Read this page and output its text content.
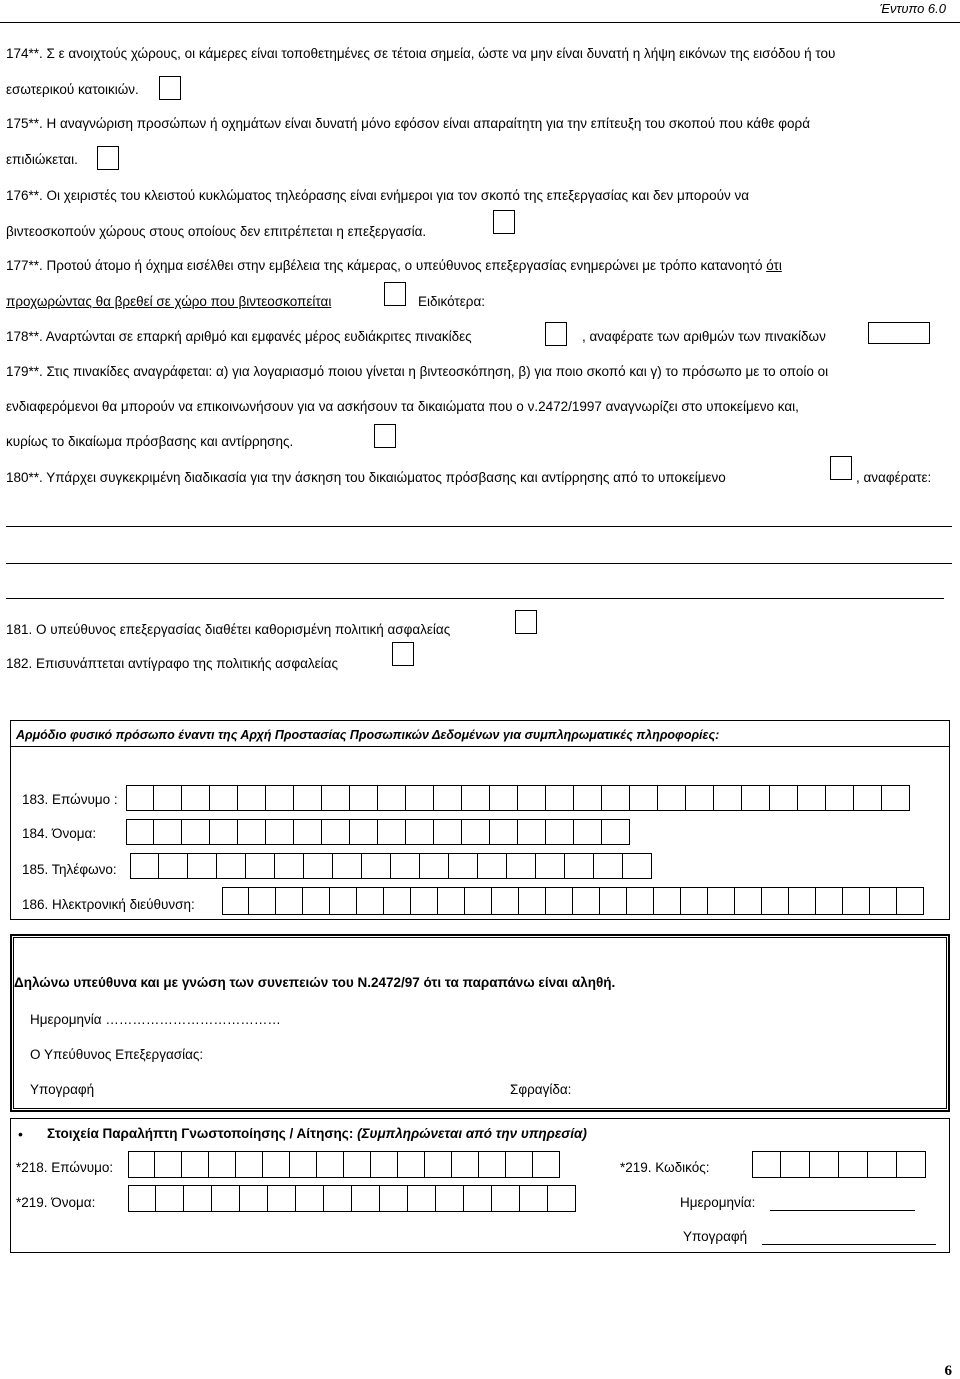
Έντυπο 6.0
174**. Σ ε ανοιχτούς χώρους, οι κάμερες είναι τοποθετημένες σε τέτοια σημεία, ώστε να μην είναι δυνατή η λήψη εικόνων της εισόδου ή του
εσωτερικού κατοικιών.
175**. Η αναγνώριση προσώπων ή οχημάτων είναι δυνατή μόνο εφόσον είναι απαραίτητη για την επίτευξη του σκοπού που κάθε φορά
επιδιώκεται.
176**. Οι χειριστές του κλειστού κυκλώματος τηλεόρασης είναι ενήμεροι για τον σκοπό της επεξεργασίας και δεν μπορούν να
βιντεοσκοπούν χώρους στους οποίους δεν επιτρέπεται η επεξεργασία.
177**. Προτού άτομο ή όχημα εισέλθει στην εμβέλεια της κάμερας, ο υπεύθυνος επεξεργασίας ενημερώνει με τρόπο κατανοητό ότι
προχωρώντας θα βρεθεί σε χώρο που βιντεοσκοπείται	Ειδικότερα:
178**. Αναρτώνται σε επαρκή αριθμό και εμφανές μέρος ευδιάκριτες πινακίδες	, αναφέρατε των αριθμών των πινακίδων
179**. Στις πινακίδες αναγράφεται: α) για λογαριασμό ποιου γίνεται η βιντεοσκόπηση, β) για ποιο σκοπό και γ) το πρόσωπο με το οποίο οι
ενδιαφερόμενοι θα μπορούν να επικοινωνήσουν για να ασκήσουν τα δικαιώματα που ο ν.2472/1997 αναγνωρίζει στο υποκείμενο και,
κυρίως το δικαίωμα πρόσβασης και αντίρρησης.
180**. Υπάρχει συγκεκριμένη διαδικασία για την άσκηση του δικαιώματος πρόσβασης και αντίρρησης από το υποκείμενο	, αναφέρατε:
181. Ο υπεύθυνος επεξεργασίας διαθέτει καθορισμένη πολιτική ασφαλείας
182. Επισυνάπτεται αντίγραφο της πολιτικής ασφαλείας
Αρμόδιο φυσικό πρόσωπο έναντι της Αρχή Προστασίας Προσωπικών Δεδομένων για συμπληρωματικές πληροφορίες:
183. Επώνυμο :
184. Όνομα:
185. Τηλέφωνο:
186. Ηλεκτρονική διεύθυνση:
Δηλώνω υπεύθυνα και με γνώση των συνεπειών του Ν.2472/97 ότι τα παραπάνω είναι αληθή.
Ημερομηνία …………………………………
Ο Υπεύθυνος Επεξεργασίας:
Υπογραφή	Σφραγίδα:
• Στοιχεία Παραλήπτη Γνωστοποίησης / Αίτησης: (Συμπληρώνεται από την υπηρεσία)
*218. Επώνυμο:	*219. Κωδικός:
*219. Όνομα:	Ημερομηνία:
Υπογραφή
6
